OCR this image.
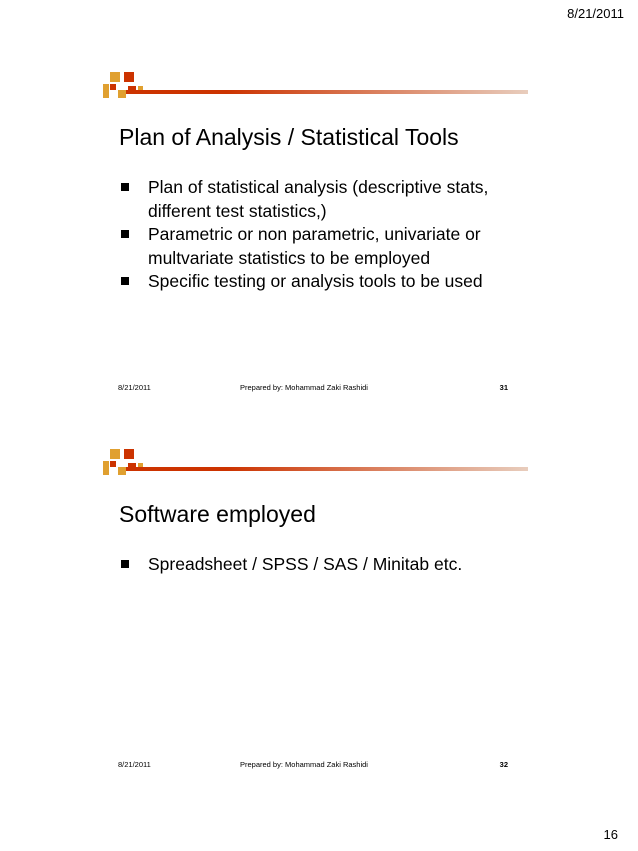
8/21/2011
Plan of Analysis / Statistical Tools
Plan of statistical analysis (descriptive stats, different test statistics,)
Parametric or non parametric, univariate or multvariate statistics to be employed
Specific testing or analysis tools to be used
8/21/2011	Prepared by: Mohammad Zaki Rashidi	31
Software employed
Spreadsheet / SPSS / SAS / Minitab etc.
8/21/2011	Prepared by: Mohammad Zaki Rashidi	32
16
